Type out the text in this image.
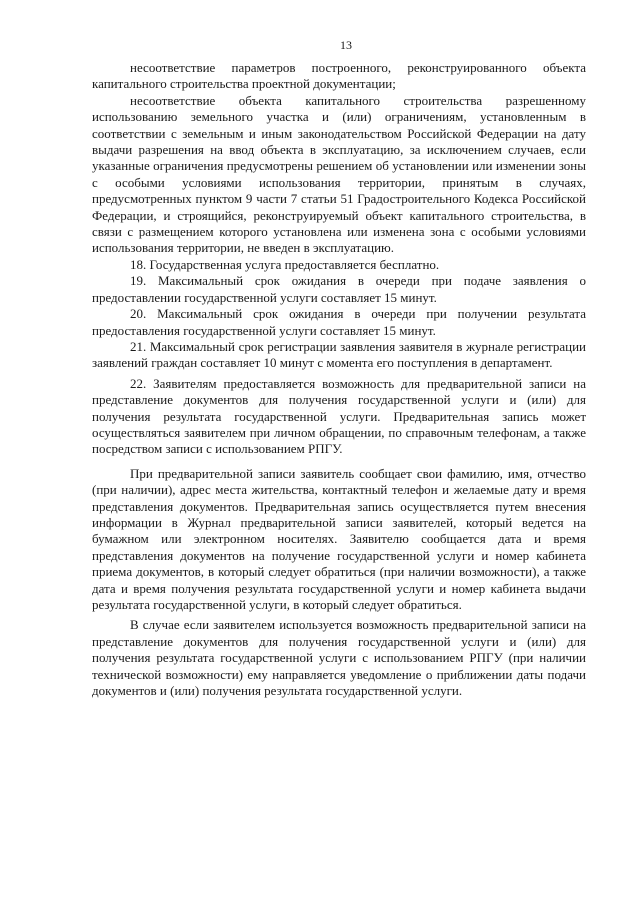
13

несоответствие параметров построенного, реконструированного объекта капитального строительства проектной документации;

несоответствие объекта капитального строительства разрешенному использованию земельного участка и (или) ограничениям, установленным в соответствии с земельным и иным законодательством Российской Федерации на дату выдачи разрешения на ввод объекта в эксплуатацию, за исключением случаев, если указанные ограничения предусмотрены решением об установлении или изменении зоны с особыми условиями использования территории, принятым в случаях, предусмотренных пунктом 9 части 7 статьи 51 Градостроительного Кодекса Российской Федерации, и строящийся, реконструируемый объект капитального строительства, в связи с размещением которого установлена или изменена зона с особыми условиями использования территории, не введен в эксплуатацию.

18. Государственная услуга предоставляется бесплатно.

19. Максимальный срок ожидания в очереди при подаче заявления о предоставлении государственной услуги составляет 15 минут.

20. Максимальный срок ожидания в очереди при получении результата предоставления государственной услуги составляет 15 минут.

21. Максимальный срок регистрации заявления заявителя в журнале регистрации заявлений граждан составляет 10 минут с момента его поступления в департамент.

22. Заявителям предоставляется возможность для предварительной записи на представление документов для получения государственной услуги и (или) для получения результата государственной услуги. Предварительная запись может осуществляться заявителем при личном обращении, по справочным телефонам, а также посредством записи с использованием РПГУ.

При предварительной записи заявитель сообщает свои фамилию, имя, отчество (при наличии), адрес места жительства, контактный телефон и желаемые дату и время представления документов. Предварительная запись осуществляется путем внесения информации в Журнал предварительной записи заявителей, который ведется на бумажном или электронном носителях. Заявителю сообщается дата и время представления документов на получение государственной услуги и номер кабинета приема документов, в который следует обратиться (при наличии возможности), а также дата и время получения результата государственной услуги и номер кабинета выдачи результата государственной услуги, в который следует обратиться.

В случае если заявителем используется возможность предварительной записи на представление документов для получения государственной услуги и (или) для получения результата государственной услуги с использованием РПГУ (при наличии технической возможности) ему направляется уведомление о приближении даты подачи документов и (или) получения результата государственной услуги.
